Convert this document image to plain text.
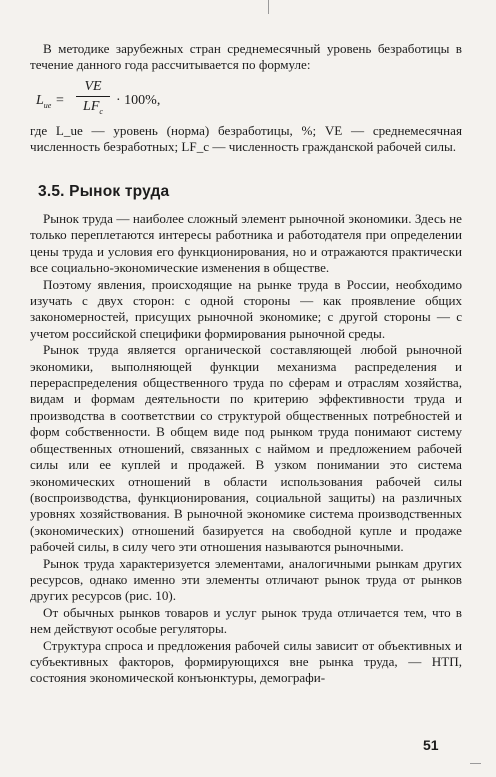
В методике зарубежных стран среднемесячный уровень безработицы в течение данного года рассчитывается по формуле:

$L_{ue}$ =
VE
$LF_c$
· 100%,

где L_ue — уровень (норма) безработицы, %; VE — среднемесячная численность безработных; LF_c — численность гражданской рабочей силы.

3.5. Рынок труда

Рынок труда — наиболее сложный элемент рыночной экономики. Здесь не только переплетаются интересы работника и работодателя при определении цены труда и условия его функционирования, но и отражаются практически все социально-экономические изменения в обществе.

Поэтому явления, происходящие на рынке труда в России, необходимо изучать с двух сторон: с одной стороны — как проявление общих закономерностей, присущих рыночной экономике; с другой стороны — с учетом российской специфики формирования рыночной среды.

Рынок труда является органической составляющей любой рыночной экономики, выполняющей функции механизма распределения и перераспределения общественного труда по сферам и отраслям хозяйства, видам и формам деятельности по критерию эффективности труда и производства в соответствии со структурой общественных потребностей и форм собственности. В общем виде под рынком труда понимают систему общественных отношений, связанных с наймом и предложением рабочей силы или ее куплей и продажей. В узком понимании это система экономических отношений в области использования рабочей силы (воспроизводства, функционирования, социальной защиты) на различных уровнях хозяйствования. В рыночной экономике система производственных (экономических) отношений базируется на свободной купле и продаже рабочей силы, в силу чего эти отношения называются рыночными.

Рынок труда характеризуется элементами, аналогичными рынкам других ресурсов, однако именно эти элементы отличают рынок труда от рынков других ресурсов (рис. 10).

От обычных рынков товаров и услуг рынок труда отличается тем, что в нем действуют особые регуляторы.

Структура спроса и предложения рабочей силы зависит от объективных и субъективных факторов, формирующихся вне рынка труда, — НТП, состояния экономической конъюнктуры, демографи-

51
